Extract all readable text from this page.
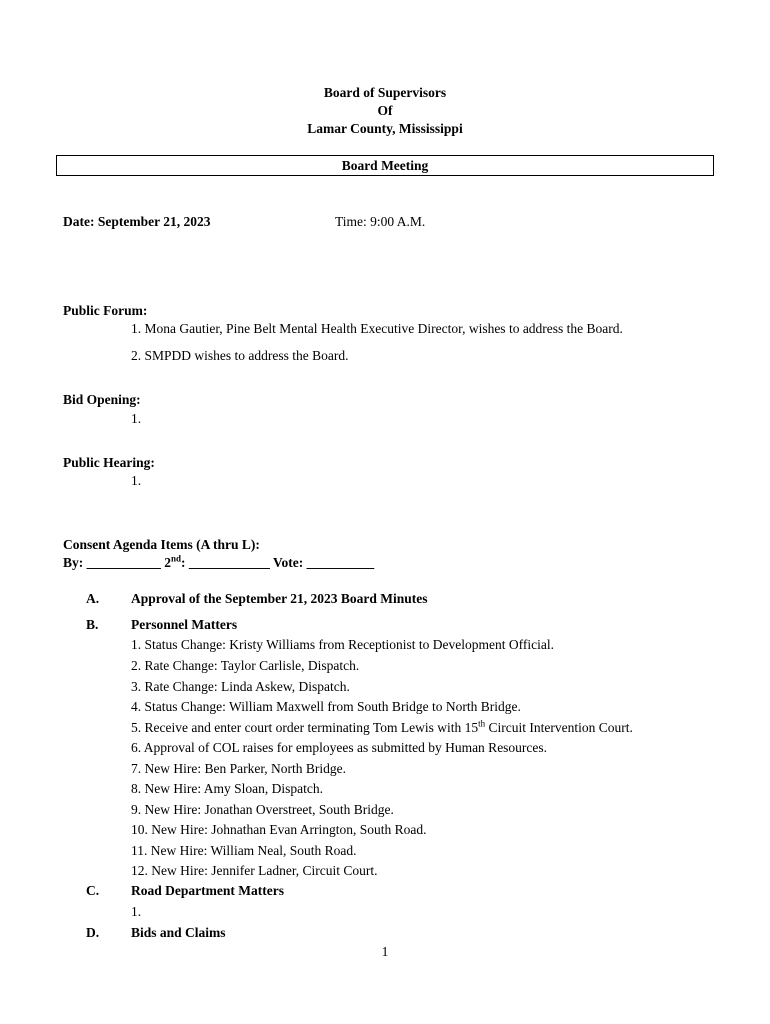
Board of Supervisors
Of
Lamar County, Mississippi
Board Meeting
Date: September 21, 2023	Time: 9:00 A.M.
Public Forum:
1. Mona Gautier, Pine Belt Mental Health Executive Director, wishes to address the Board.
2. SMPDD wishes to address the Board.
Bid Opening:
1.
Public Hearing:
1.
Consent Agenda Items (A thru L):
By: ___________ 2nd: ____________ Vote: __________
A. Approval of the September 21, 2023 Board Minutes
B. Personnel Matters
1. Status Change: Kristy Williams from Receptionist to Development Official.
2. Rate Change: Taylor Carlisle, Dispatch.
3. Rate Change: Linda Askew, Dispatch.
4. Status Change: William Maxwell from South Bridge to North Bridge.
5. Receive and enter court order terminating Tom Lewis with 15th Circuit Intervention Court.
6. Approval of COL raises for employees as submitted by Human Resources.
7. New Hire: Ben Parker, North Bridge.
8. New Hire: Amy Sloan, Dispatch.
9. New Hire: Jonathan Overstreet, South Bridge.
10. New Hire: Johnathan Evan Arrington, South Road.
11. New Hire: William Neal, South Road.
12. New Hire: Jennifer Ladner, Circuit Court.
C. Road Department Matters
1.
D. Bids and Claims
1
